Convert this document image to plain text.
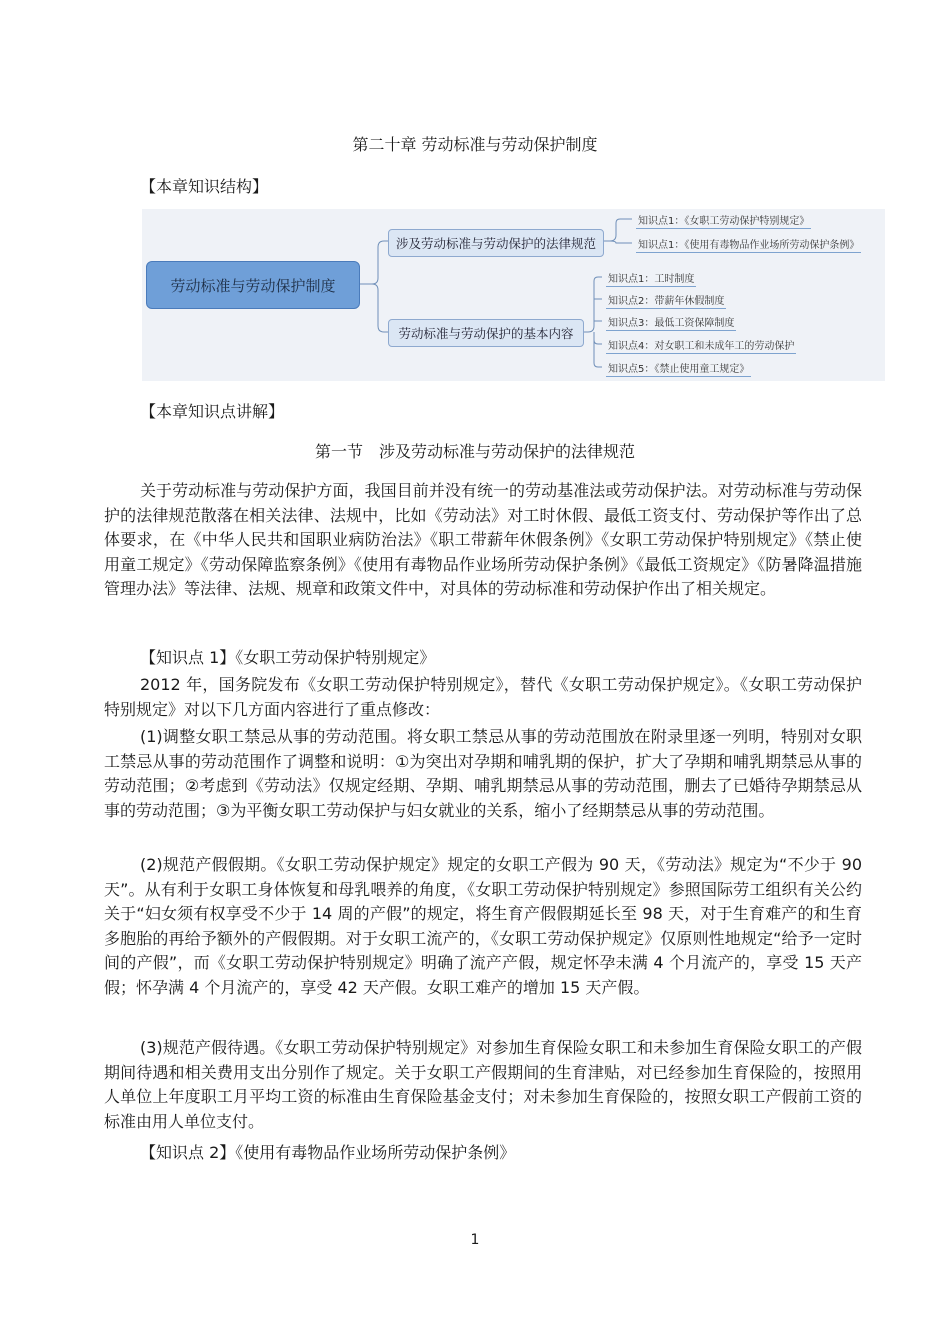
第二十章 劳动标准与劳动保护制度
【本章知识结构】
劳动标准与劳动保护制度
涉及劳动标准与劳动保护的法律规范
劳动标准与劳动保护的基本内容
知识点1：《女职工劳动保护特别规定》
知识点1：《使用有毒物品作业场所劳动保护条例》
知识点1：工时制度
知识点2：带薪年休假制度
知识点3：最低工资保障制度
知识点4：对女职工和未成年工的劳动保护
知识点5：《禁止使用童工规定》
【本章知识点讲解】
第一节　涉及劳动标准与劳动保护的法律规范
关于劳动标准与劳动保护方面，我国目前并没有统一的劳动基准法或劳动保护法。对劳动标准与劳动保护的法律规范散落在相关法律、法规中，比如《劳动法》对工时休假、最低工资支付、劳动保护等作出了总体要求，在《中华人民共和国职业病防治法》《职工带薪年休假条例》《女职工劳动保护特别规定》《禁止使用童工规定》《劳动保障监察条例》《使用有毒物品作业场所劳动保护条例》《最低工资规定》《防暑降温措施管理办法》等法律、法规、规章和政策文件中，对具体的劳动标准和劳动保护作出了相关规定。
【知识点 1】《女职工劳动保护特别规定》
2012 年，国务院发布《女职工劳动保护特别规定》，替代《女职工劳动保护规定》。《女职工劳动保护特别规定》对以下几方面内容进行了重点修改：
(1)调整女职工禁忌从事的劳动范围。将女职工禁忌从事的劳动范围放在附录里逐一列明，特别对女职工禁忌从事的劳动范围作了调整和说明：①为突出对孕期和哺乳期的保护，扩大了孕期和哺乳期禁忌从事的劳动范围；②考虑到《劳动法》仅规定经期、孕期、哺乳期禁忌从事的劳动范围，删去了已婚待孕期禁忌从事的劳动范围；③为平衡女职工劳动保护与妇女就业的关系，缩小了经期禁忌从事的劳动范围。
(2)规范产假假期。《女职工劳动保护规定》规定的女职工产假为 90 天，《劳动法》规定为“不少于 90 天”。从有利于女职工身体恢复和母乳喂养的角度，《女职工劳动保护特别规定》参照国际劳工组织有关公约关于“妇女须有权享受不少于 14 周的产假”的规定，将生育产假假期延长至 98 天，对于生育难产的和生育多胞胎的再给予额外的产假假期。对于女职工流产的，《女职工劳动保护规定》仅原则性地规定“给予一定时间的产假”，而《女职工劳动保护特别规定》明确了流产产假，规定怀孕未满 4 个月流产的，享受 15 天产假；怀孕满 4 个月流产的，享受 42 天产假。女职工难产的增加 15 天产假。
(3)规范产假待遇。《女职工劳动保护特别规定》对参加生育保险女职工和未参加生育保险女职工的产假期间待遇和相关费用支出分别作了规定。关于女职工产假期间的生育津贴，对已经参加生育保险的，按照用人单位上年度职工月平均工资的标准由生育保险基金支付；对未参加生育保险的，按照女职工产假前工资的标准由用人单位支付。
【知识点 2】《使用有毒物品作业场所劳动保护条例》
1
